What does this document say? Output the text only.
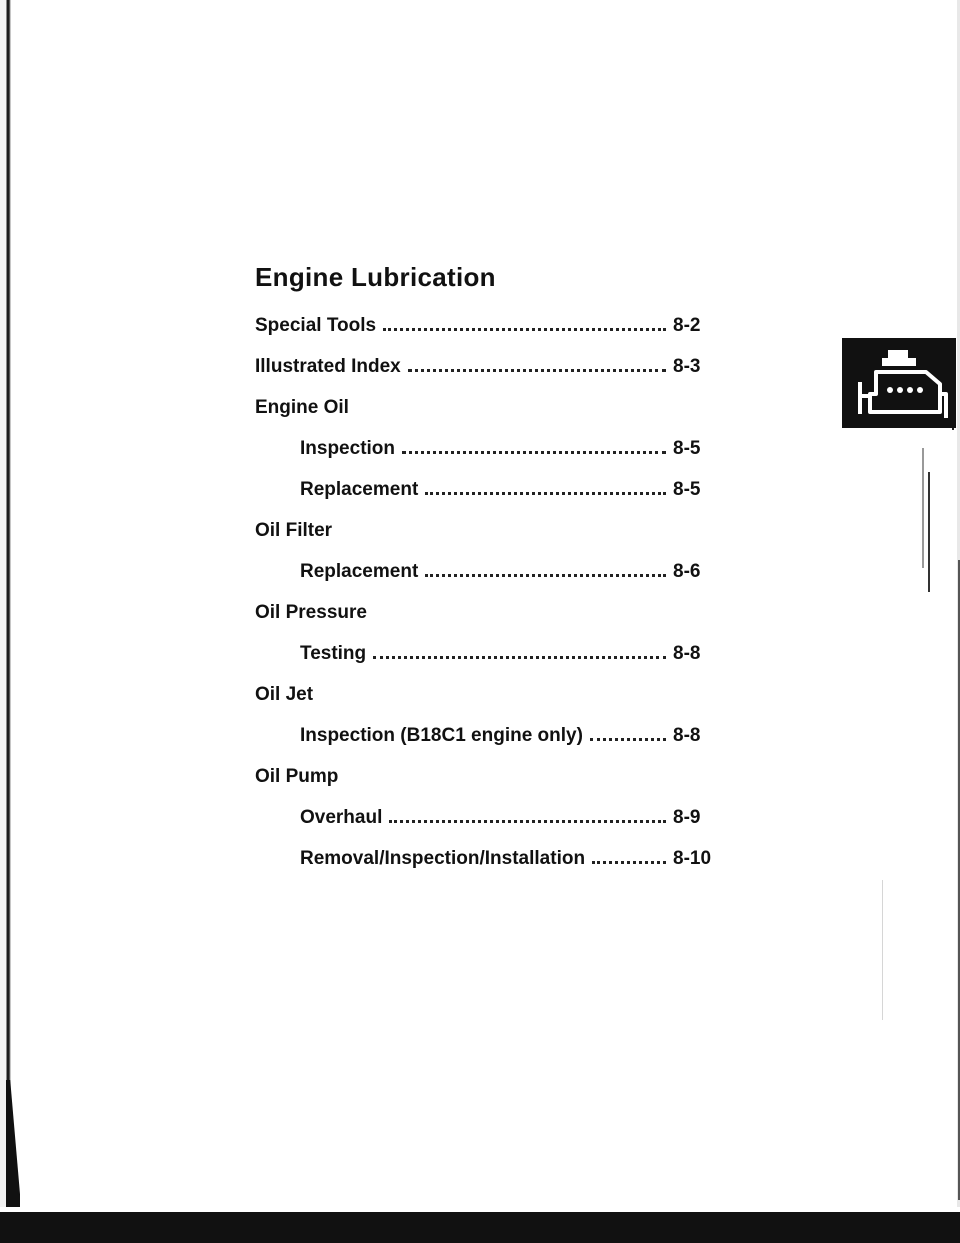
Engine Lubrication
Special Tools	8-2
Illustrated Index	8-3
Engine Oil
Inspection	8-5
Replacement	8-5
Oil Filter
Replacement	8-6
Oil Pressure
Testing	8-8
Oil Jet
Inspection (B18C1 engine only)	8-8
Oil Pump
Overhaul	8-9
Removal/Inspection/Installation	8-10
